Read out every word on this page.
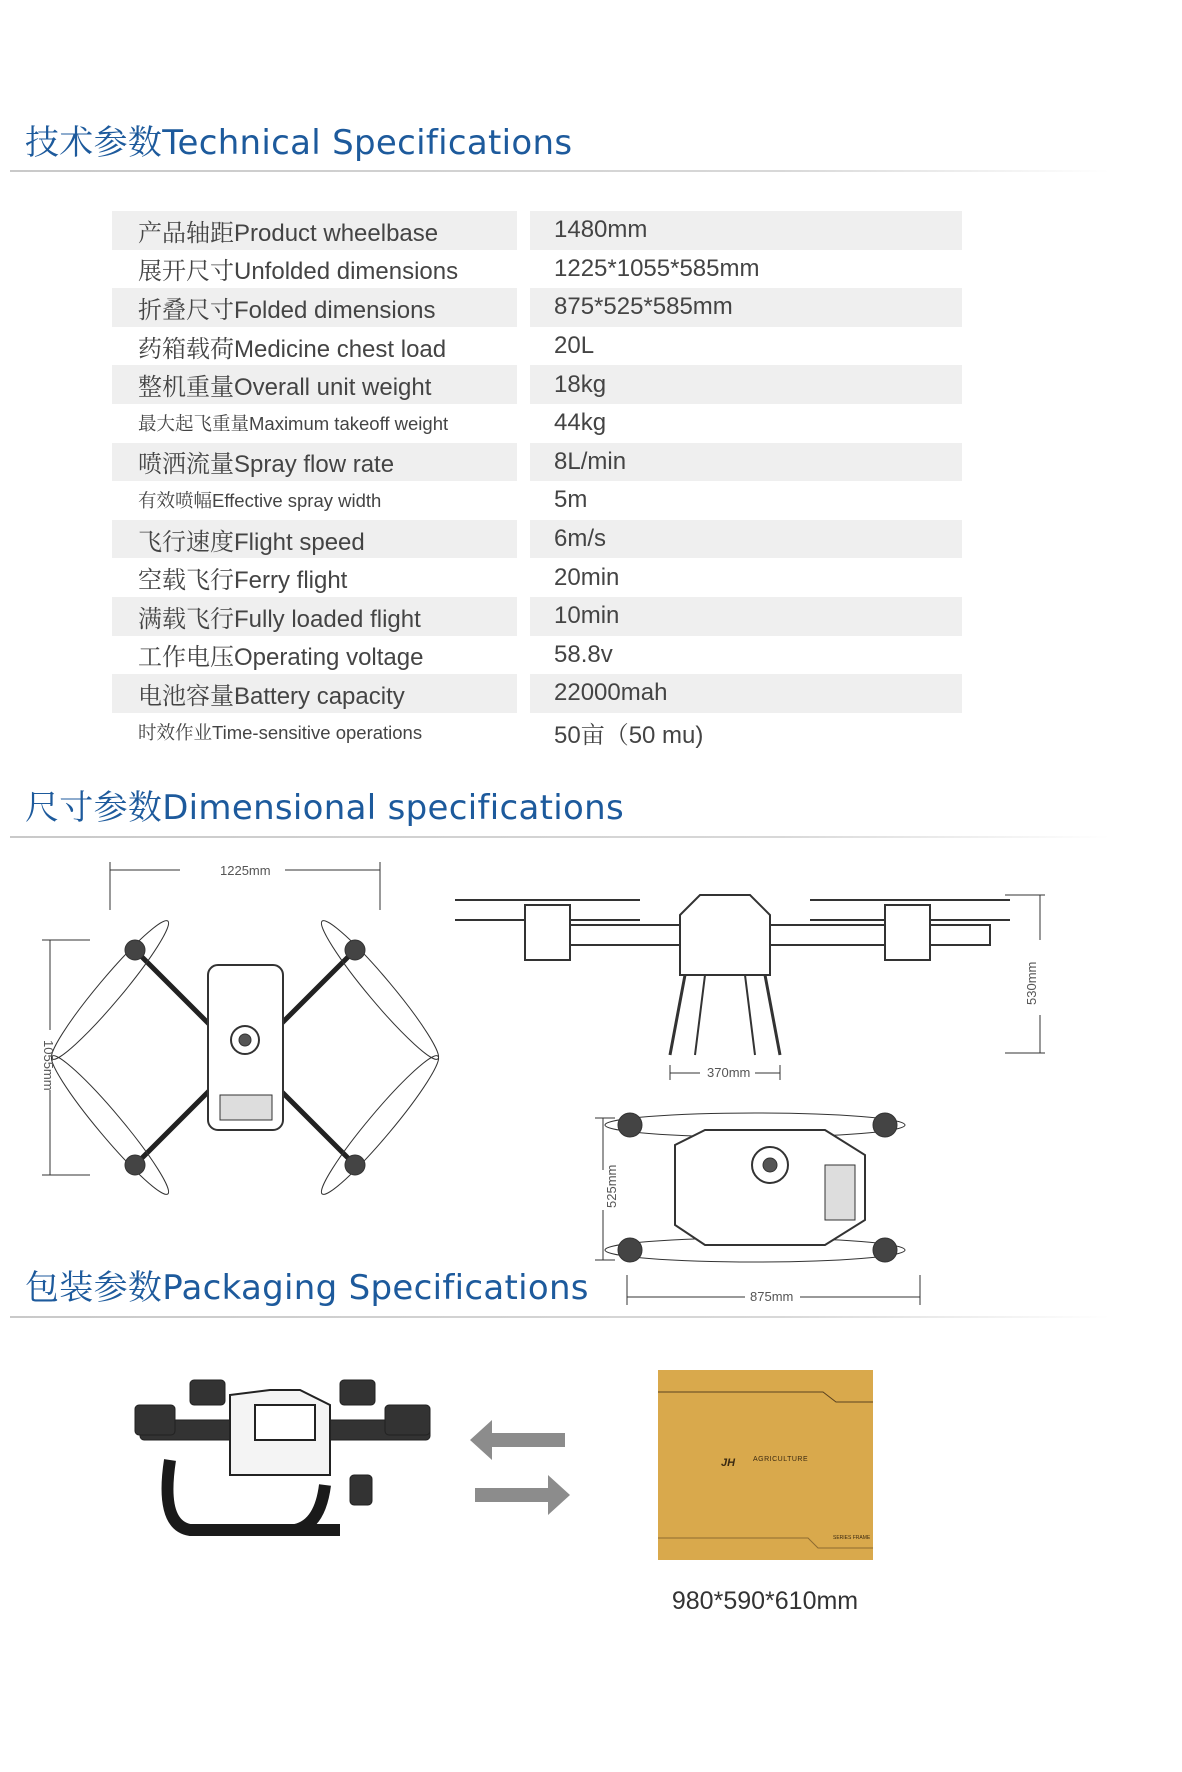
技术参数Technical Specifications
产品轴距Product wheelbase	1480mm
展开尺寸Unfolded dimensions	1225*1055*585mm
折叠尺寸Folded dimensions	875*525*585mm
药箱载荷Medicine chest load	20L
整机重量Overall unit weight	18kg
最大起飞重量Maximum takeoff weight	44kg
喷洒流量Spray flow rate	8L/min
有效喷幅Effective spray width	5m
飞行速度Flight speed	6m/s
空载飞行Ferry flight	20min
满载飞行Fully loaded flight	10min
工作电压Operating voltage	58.8v
电池容量Battery capacity	22000mah
时效作业Time-sensitive operations	50亩（50 mu)
尺寸参数Dimensional specifications
1225mm
1055mm	370mm
530mm
875mm
525mm
包装参数Packaging Specifications
JH	AGRICULTURE
SERIES FRAME
980*590*610mm
